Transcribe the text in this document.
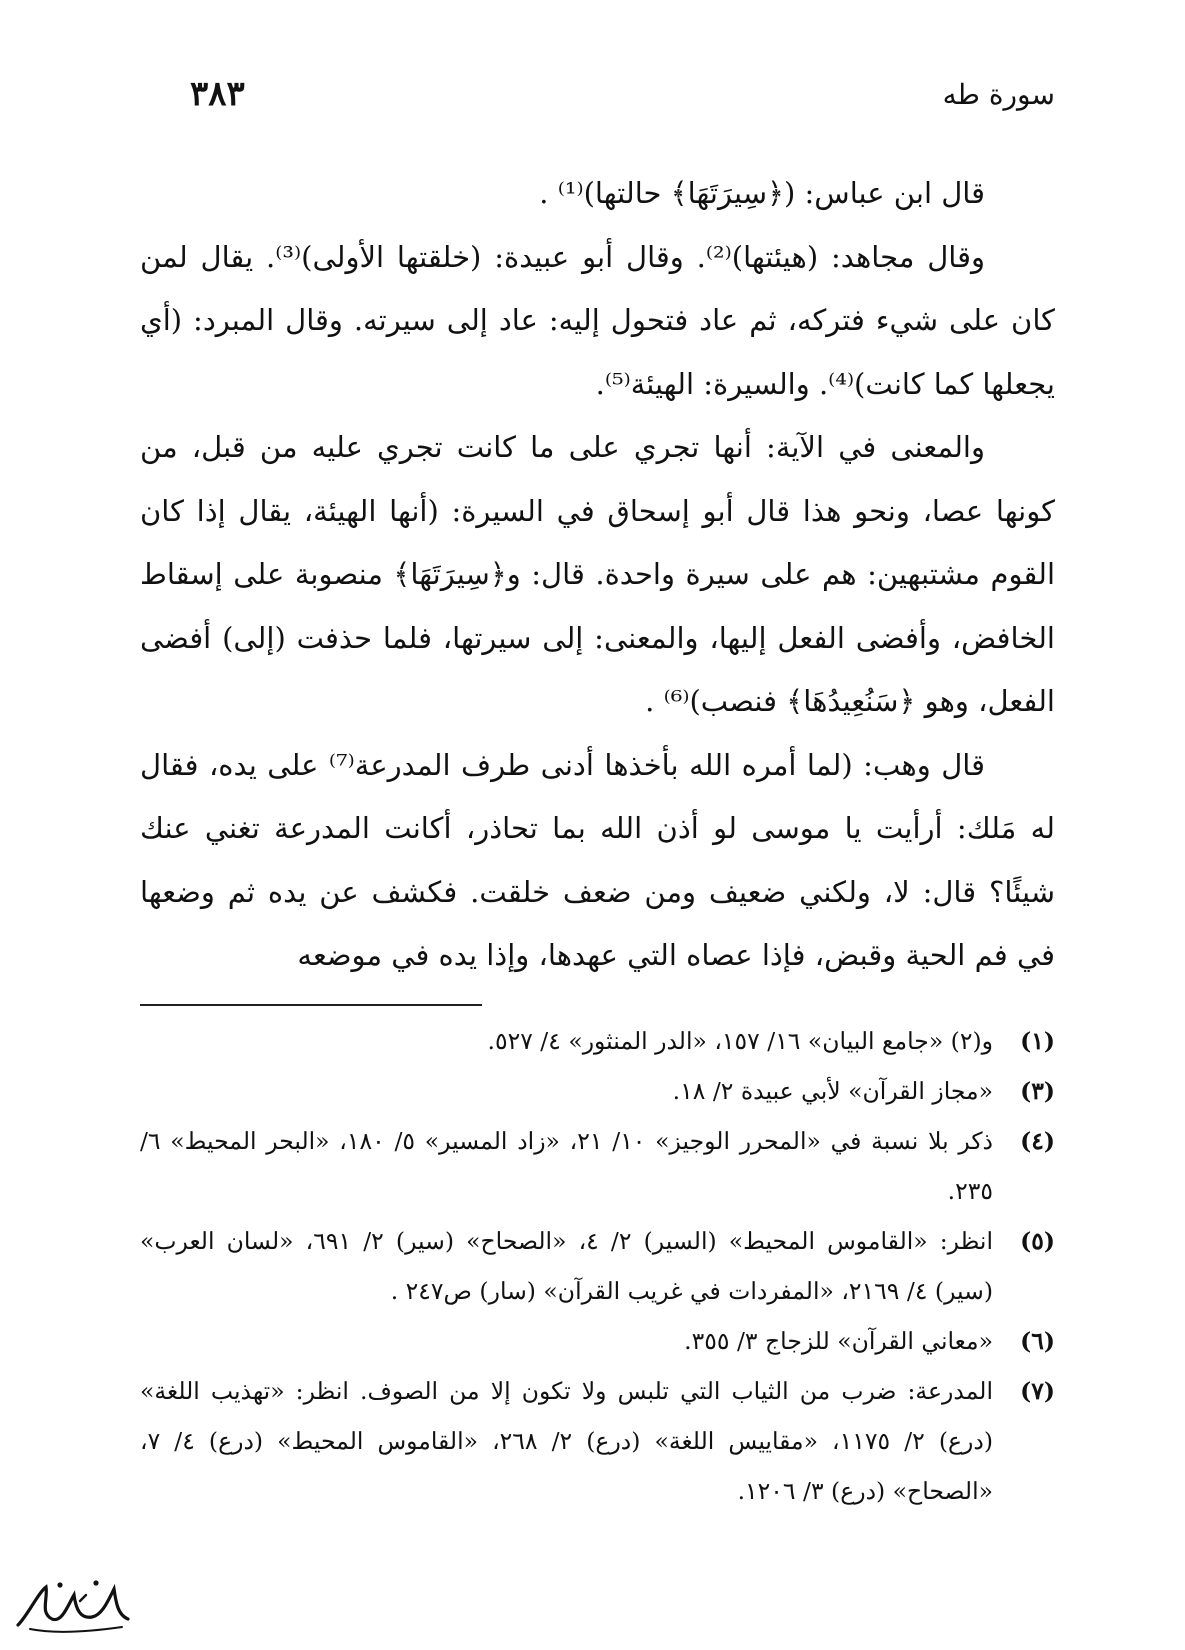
سورة طه
٣٨٣

قال ابن عباس: (﴿سِيرَتَهَا﴾ حالتها)⁽¹⁾ .

وقال مجاهد: (هيئتها)⁽²⁾. وقال أبو عبيدة: (خلقتها الأولى)⁽³⁾. يقال لمن كان على شيء فتركه، ثم عاد فتحول إليه: عاد إلى سيرته. وقال المبرد: (أي يجعلها كما كانت)⁽⁴⁾. والسيرة: الهيئة⁽⁵⁾.

والمعنى في الآية: أنها تجري على ما كانت تجري عليه من قبل، من كونها عصا، ونحو هذا قال أبو إسحاق في السيرة: (أنها الهيئة، يقال إذا كان القوم مشتبهين: هم على سيرة واحدة. قال: و﴿سِيرَتَهَا﴾ منصوبة على إسقاط الخافض، وأفضى الفعل إليها، والمعنى: إلى سيرتها، فلما حذفت (إلى) أفضى الفعل، وهو ﴿سَنُعِيدُهَا﴾ فنصب)⁽⁶⁾ .

قال وهب: (لما أمره الله بأخذها أدنى طرف المدرعة⁽⁷⁾ على يده، فقال له مَلك: أرأيت يا موسى لو أذن الله بما تحاذر، أكانت المدرعة تغني عنك شيئًا؟ قال: لا، ولكني ضعيف ومن ضعف خلقت. فكشف عن يده ثم وضعها في فم الحية وقبض، فإذا عصاه التي عهدها، وإذا يده في موضعه

(١)
و(٢) «جامع البيان» ١٦/ ١٥٧، «الدر المنثور» ٤/ ٥٢٧.
(٣)
«مجاز القرآن» لأبي عبيدة ٢/ ١٨.
(٤)
ذكر بلا نسبة في «المحرر الوجيز» ١٠/ ٢١، «زاد المسير» ٥/ ١٨٠، «البحر المحيط» ٦/ ٢٣٥.
(٥)
انظر: «القاموس المحيط» (السير) ٢/ ٤، «الصحاح» (سير) ٢/ ٦٩١، «لسان العرب» (سير) ٤/ ٢١٦٩، «المفردات في غريب القرآن» (سار) ص٢٤٧ .
(٦)
«معاني القرآن» للزجاج ٣/ ٣٥٥.
(٧)
المدرعة: ضرب من الثياب التي تلبس ولا تكون إلا من الصوف. انظر: «تهذيب اللغة» (درع) ٢/ ١١٧٥، «مقاييس اللغة» (درع) ٢/ ٢٦٨، «القاموس المحيط» (درع) ٤/ ٧، «الصحاح» (درع) ٣/ ١٢٠٦.
